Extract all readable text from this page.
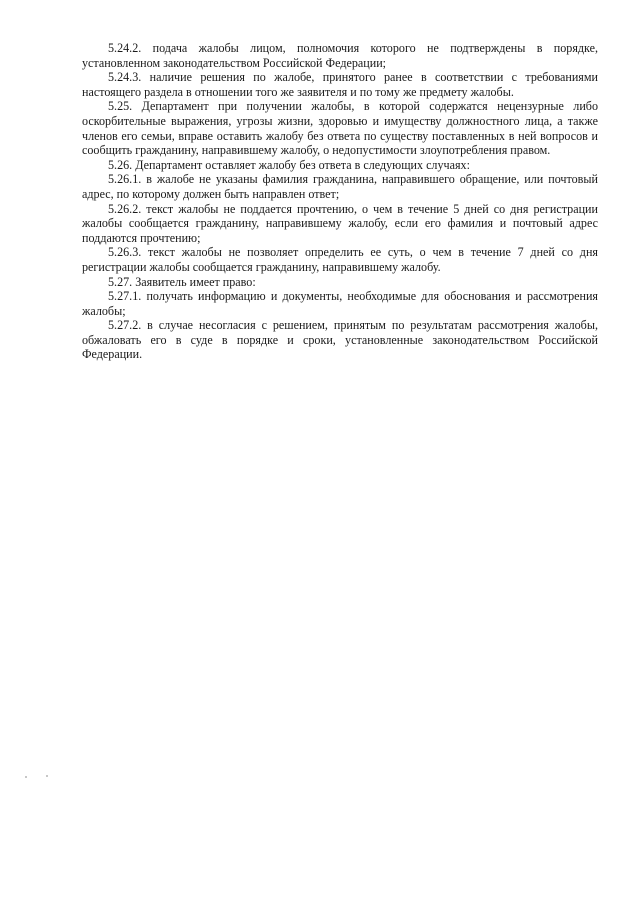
5.24.2. подача жалобы лицом, полномочия которого не подтверждены в порядке, установленном законодательством Российской Федерации;

5.24.3. наличие решения по жалобе, принятого ранее в соответствии с требованиями настоящего раздела в отношении того же заявителя и по тому же предмету жалобы.

5.25. Департамент при получении жалобы, в которой содержатся нецензурные либо оскорбительные выражения, угрозы жизни, здоровью и имуществу должностного лица, а также членов его семьи, вправе оставить жалобу без ответа по существу поставленных в ней вопросов и сообщить гражданину, направившему жалобу, о недопустимости злоупотребления правом.

5.26. Департамент оставляет жалобу без ответа в следующих случаях:

5.26.1. в жалобе не указаны фамилия гражданина, направившего обращение, или почтовый адрес, по которому должен быть направлен ответ;

5.26.2. текст жалобы не поддается прочтению, о чем в течение 5 дней со дня регистрации жалобы сообщается гражданину, направившему жалобу, если его фамилия и почтовый адрес поддаются прочтению;

5.26.3. текст жалобы не позволяет определить ее суть, о чем в течение 7 дней со дня регистрации жалобы сообщается гражданину, направившему жалобу.

5.27. Заявитель имеет право:

5.27.1. получать информацию и документы, необходимые для обоснования и рассмотрения жалобы;

5.27.2. в случае несогласия с решением, принятым по результатам рассмотрения жалобы, обжаловать его в суде в порядке и сроки, установленные законодательством Российской Федерации.
